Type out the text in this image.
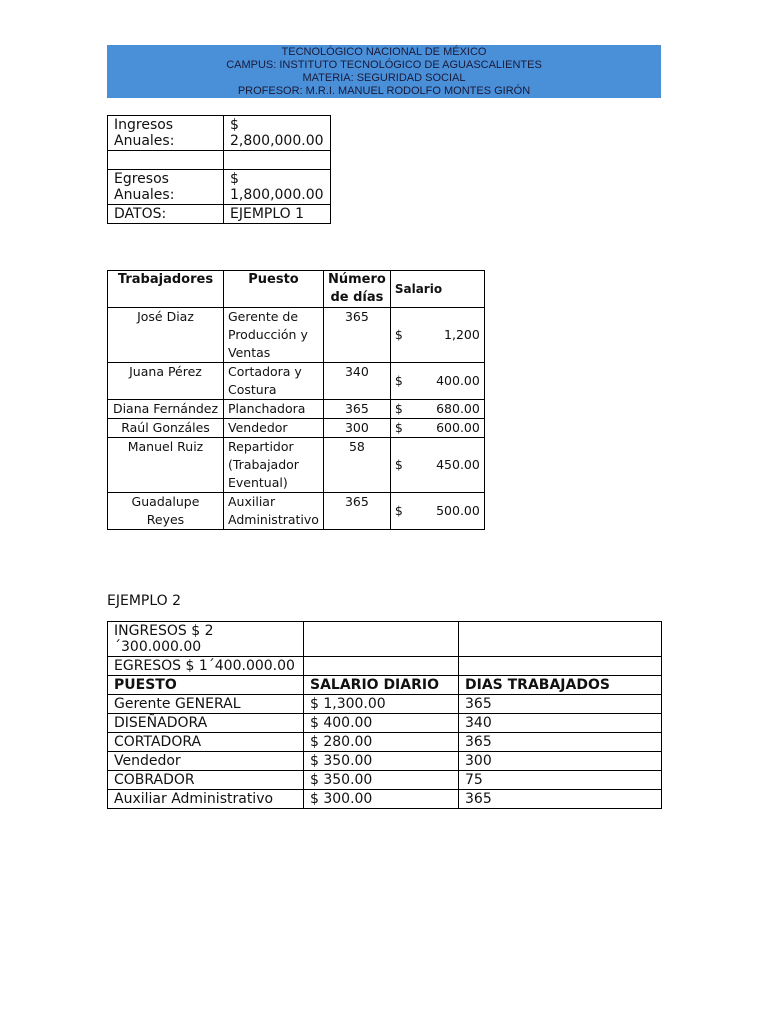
TECNOLÓGICO NACIONAL DE MÉXICO
CAMPUS: INSTITUTO TECNOLÓGICO DE AGUASCALIENTES
MATERIA: SEGURIDAD SOCIAL
PROFESOR: M.R.I. MANUEL RODOLFO MONTES GIRÓN
Ingresos Anuales:	$ 2,800,000.00

Egresos Anuales:	$ 1,800,000.00
DATOS:	EJEMPLO 1
Trabajadores	Puesto	Número de días	Salario
José Diaz	Gerente de Producción y Ventas	365	$ 1,200

Juana Pérez	Cortadora y Costura	340	$ 400.00

Diana Fernández	Planchadora	365	$ 680.00

Raúl Gonzáles	Vendedor	300	$ 600.00

Manuel Ruiz	Repartidor (Trabajador Eventual)	58	$ 450.00

Guadalupe Reyes	Auxiliar Administrativo	365	$ 500.00
EJEMPLO 2
INGRESOS $ 2 ´300.000.00		
EGRESOS $ 1´400.000.00		
PUESTO	SALARIO DIARIO	DIAS TRABAJADOS
Gerente GENERAL	$ 1,300.00	365
DISEÑADORA	$ 400.00	340
CORTADORA	$ 280.00	365
Vendedor	$ 350.00	300
COBRADOR	$ 350.00	75
Auxiliar Administrativo	$ 300.00	365
